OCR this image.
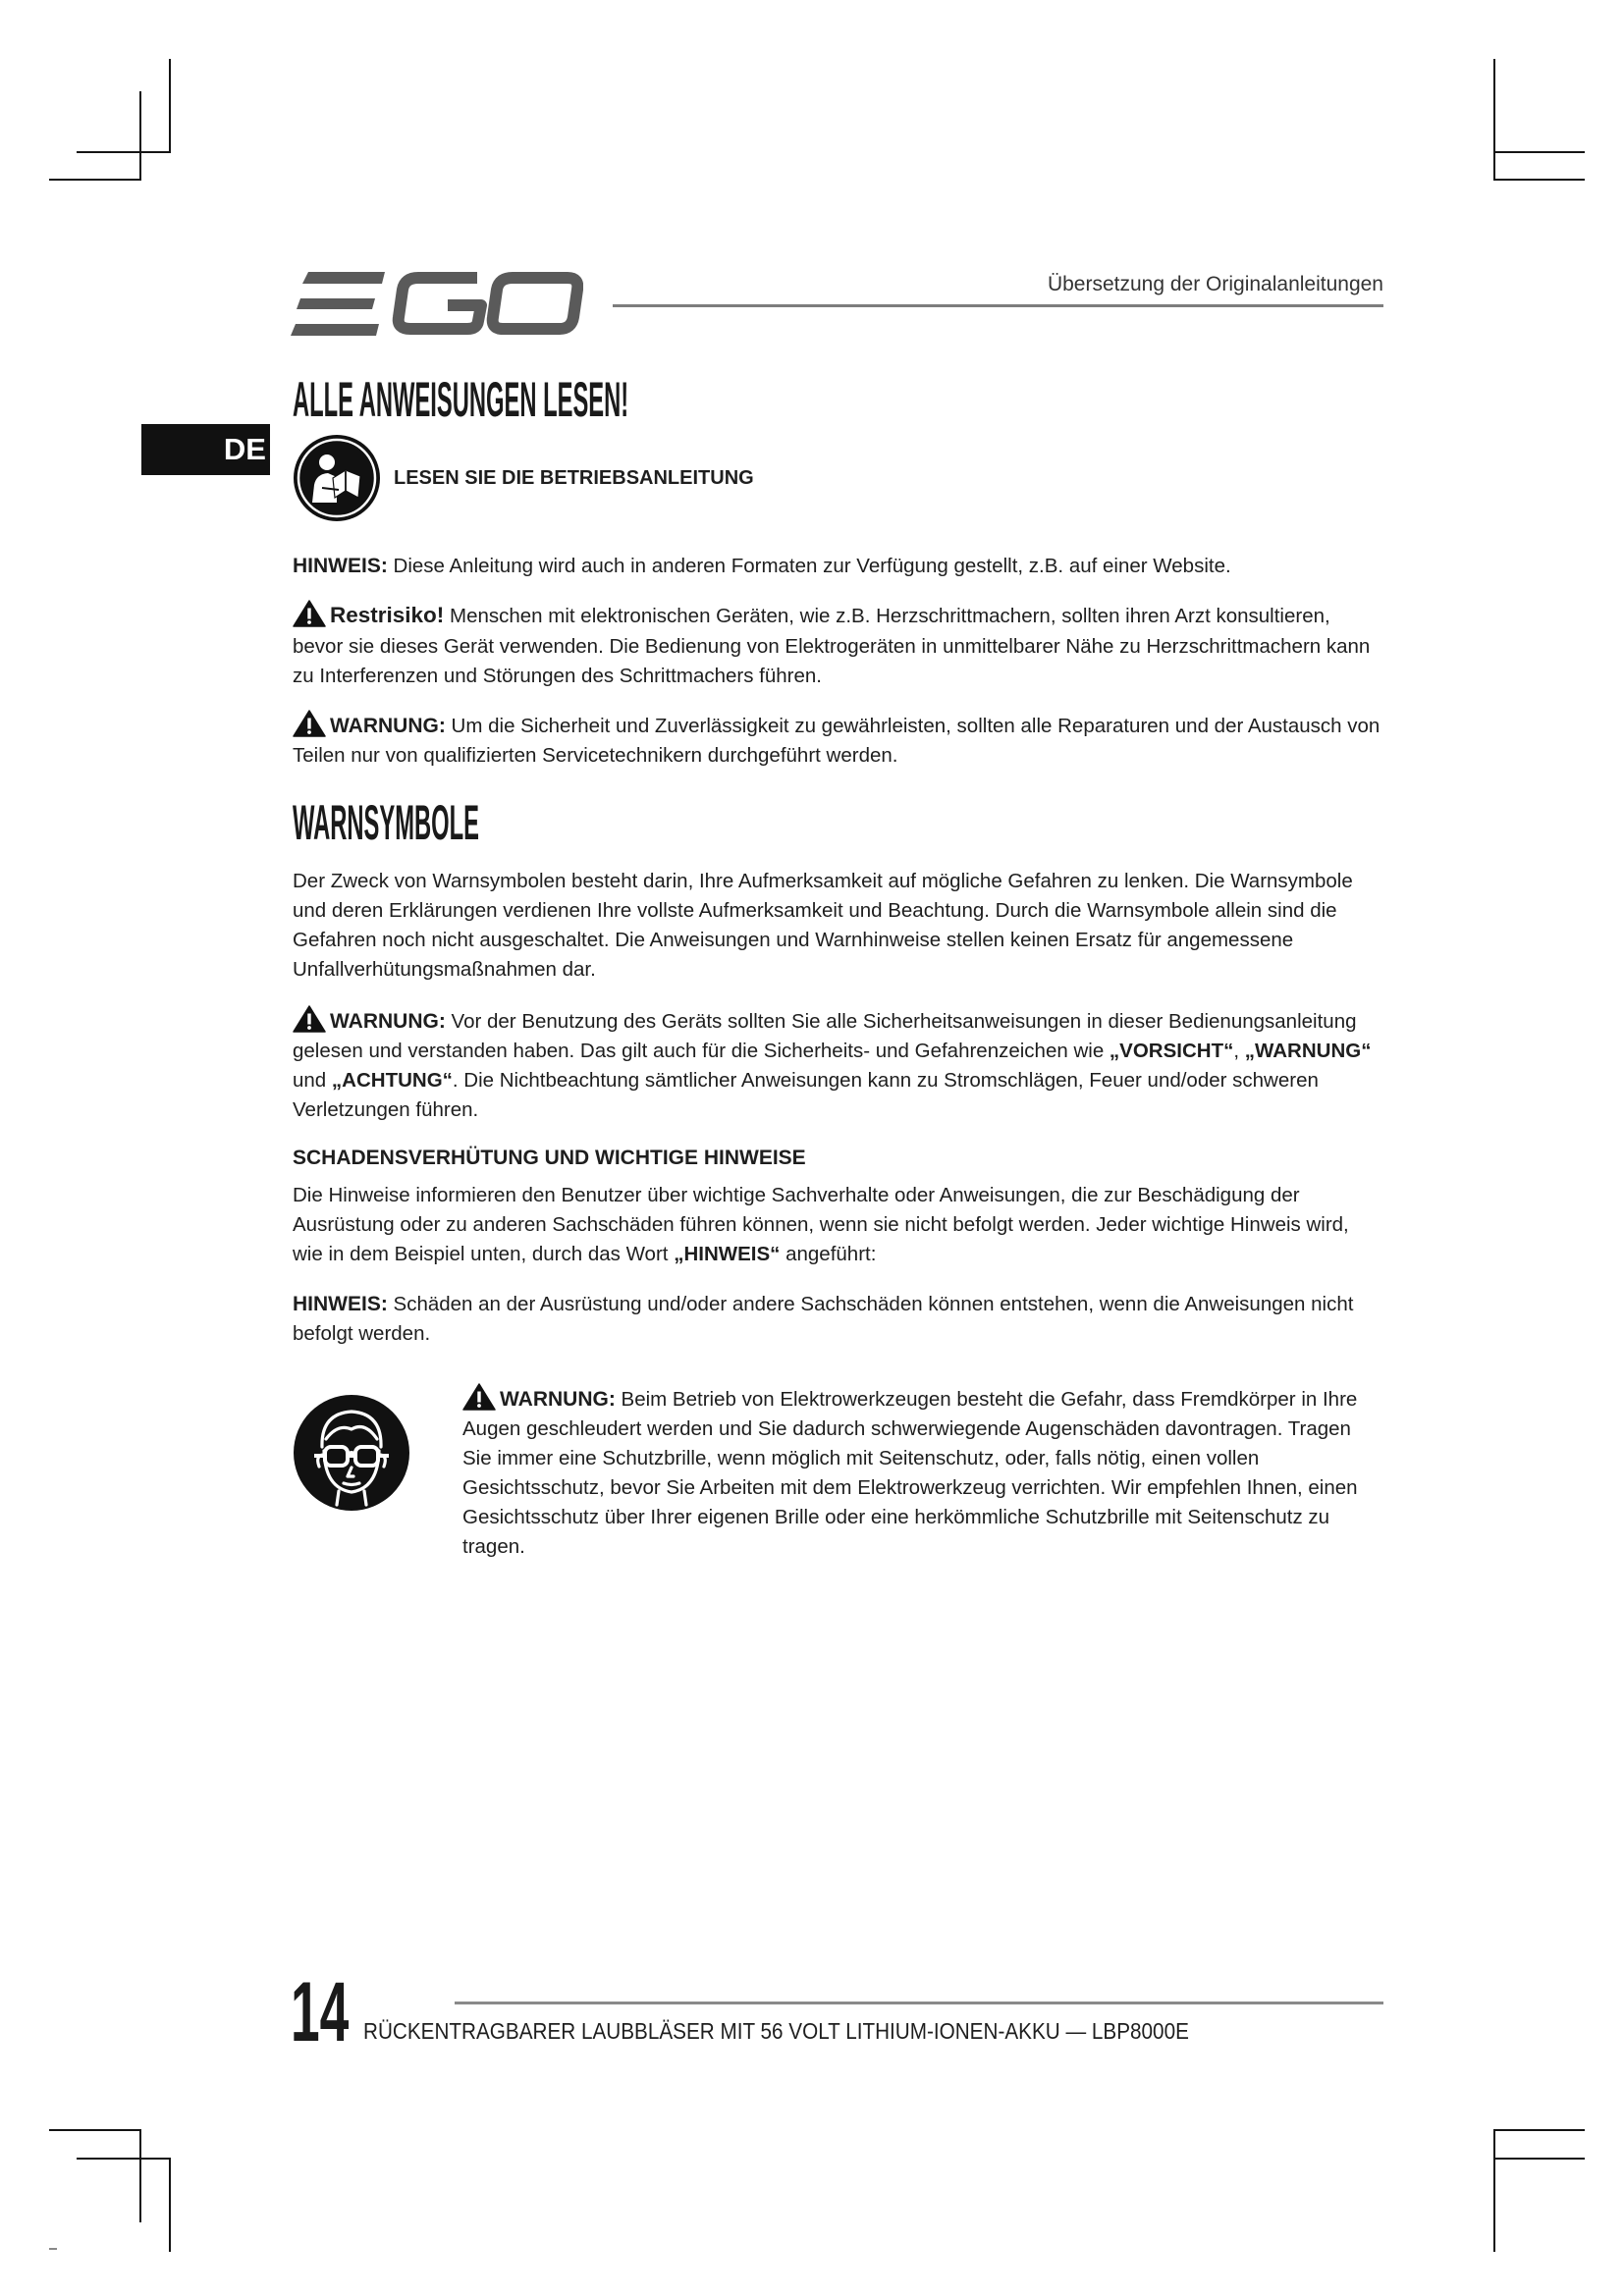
Übersetzung der Originalanleitungen
DE
ALLE ANWEISUNGEN LESEN!
LESEN SIE DIE BETRIEBSANLEITUNG
HINWEIS: Diese Anleitung wird auch in anderen Formaten zur Verfügung gestellt, z.B. auf einer Website.
Restrisiko! Menschen mit elektronischen Geräten, wie z.B. Herzschrittmachern, sollten ihren Arzt konsultieren, bevor sie dieses Gerät verwenden. Die Bedienung von Elektrogeräten in unmittelbarer Nähe zu Herzschrittmachern kann zu Interferenzen und Störungen des Schrittmachers führen.
WARNUNG: Um die Sicherheit und Zuverlässigkeit zu gewährleisten, sollten alle Reparaturen und der Austausch von Teilen nur von qualifizierten Servicetechnikern durchgeführt werden.
WARNSYMBOLE
Der Zweck von Warnsymbolen besteht darin, Ihre Aufmerksamkeit auf mögliche Gefahren zu lenken. Die Warnsymbole und deren Erklärungen verdienen Ihre vollste Aufmerksamkeit und Beachtung. Durch die Warnsymbole allein sind die Gefahren noch nicht ausgeschaltet. Die Anweisungen und Warnhinweise stellen keinen Ersatz für angemessene Unfallverhütungsmaßnahmen dar.
WARNUNG: Vor der Benutzung des Geräts sollten Sie alle Sicherheitsanweisungen in dieser Bedienungsanleitung gelesen und verstanden haben. Das gilt auch für die Sicherheits- und Gefahrenzeichen wie „VORSICHT“, „WARNUNG“ und „ACHTUNG“. Die Nichtbeachtung sämtlicher Anweisungen kann zu Stromschlägen, Feuer und/oder schweren Verletzungen führen.
SCHADENSVERHÜTUNG UND WICHTIGE HINWEISE
Die Hinweise informieren den Benutzer über wichtige Sachverhalte oder Anweisungen, die zur Beschädigung der Ausrüstung oder zu anderen Sachschäden führen können, wenn sie nicht befolgt werden. Jeder wichtige Hinweis wird, wie in dem Beispiel unten, durch das Wort „HINWEIS“ angeführt:
HINWEIS: Schäden an der Ausrüstung und/oder andere Sachschäden können entstehen, wenn die Anweisungen nicht befolgt werden.
WARNUNG: Beim Betrieb von Elektrowerkzeugen besteht die Gefahr, dass Fremdkörper in Ihre Augen geschleudert werden und Sie dadurch schwerwiegende Augenschäden davontragen. Tragen Sie immer eine Schutzbrille, wenn möglich mit Seitenschutz, oder, falls nötig, einen vollen Gesichtsschutz, bevor Sie Arbeiten mit dem Elektrowerkzeug verrichten. Wir empfehlen Ihnen, einen Gesichtsschutz über Ihrer eigenen Brille oder eine herkömmliche Schutzbrille mit Seitenschutz zu tragen.
14 RÜCKENTRAGBARER LAUBBLÄSER MIT 56 VOLT LITHIUM-IONEN-AKKU — LBP8000E
